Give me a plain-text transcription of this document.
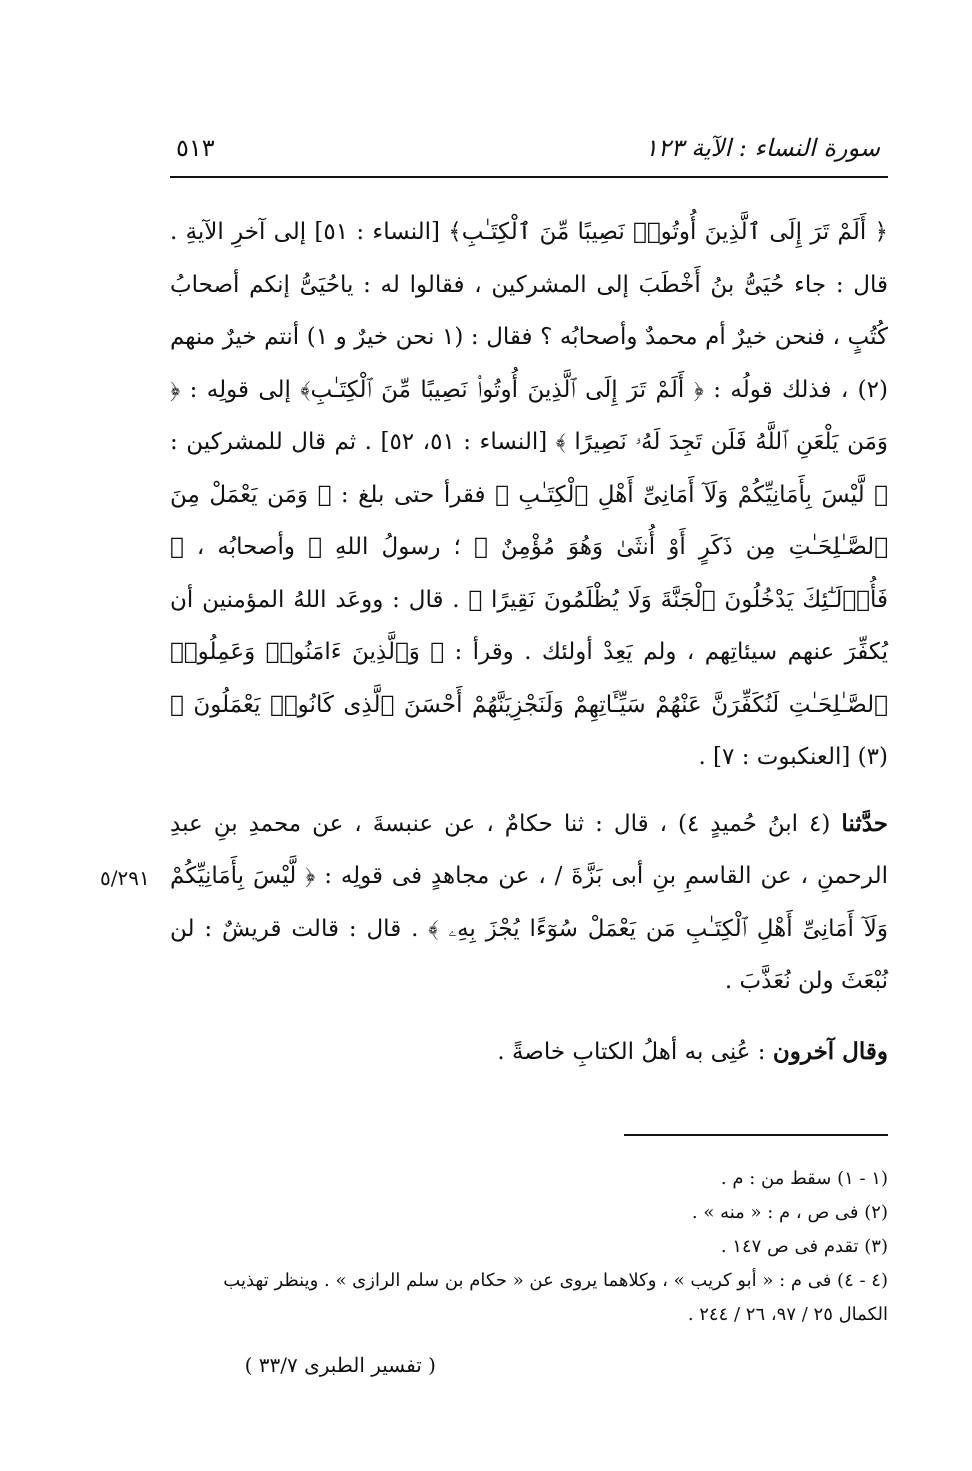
سورة النساء : الآية ١٢٣
٥١٣

﴿ أَلَمْ تَرَ إِلَى ٱلَّذِينَ أُوتُوا۟ نَصِيبًا مِّنَ ٱلْكِتَـٰبِ﴾ [النساء : ٥١] إلى آخرِ الآيةِ . قال : جاء حُيَىُّ بنُ أَخْطَبَ إلى المشركين ، فقالوا له : ياحُيَىُّ إنكم أصحابُ كُتُبٍ ، فنحن خيرٌ أم محمدٌ وأصحابُه ؟ فقال : (١ نحن خيرٌ و ١) أنتم خيرٌ منهم (٢) ، فذلك قولُه : ﴿ أَلَمْ تَرَ إِلَى ٱلَّذِينَ أُوتُوا۟ نَصِيبًا مِّنَ ٱلْكِتَـٰبِ﴾ إلى قولِه : ﴿ وَمَن يَلْعَنِ ٱللَّهُ فَلَن تَجِدَ لَهُۥ نَصِيرًا ﴾ [النساء : ٥١، ٥٢] . ثم قال للمشركين : ﴿ لَّيْسَ بِأَمَانِيِّكُمْ وَلَآ أَمَانِىِّ أَهْلِ ٱلْكِتَـٰبِ ﴾ فقرأ حتى بلغ : ﴿ وَمَن يَعْمَلْ مِنَ ٱلصَّـٰلِحَـٰتِ مِن ذَكَرٍ أَوْ أُنثَىٰ وَهُوَ مُؤْمِنٌ ﴾ ؛ رسولُ اللهِ ﷺ وأصحابُه ، ﴿ فَأُو۟لَـٰٓئِكَ يَدْخُلُونَ ٱلْجَنَّةَ وَلَا يُظْلَمُونَ نَقِيرًا ﴾ . قال : ووعَد اللهُ المؤمنين أن يُكفِّرَ عنهم سيئاتِهم ، ولم يَعِدْ أولئك . وقرأ : ﴿ وَٱلَّذِينَ ءَامَنُوا۟ وَعَمِلُوا۟ ٱلصَّـٰلِحَـٰتِ لَنُكَفِّرَنَّ عَنْهُمْ سَيِّـَٔاتِهِمْ وَلَنَجْزِيَنَّهُمْ أَحْسَنَ ٱلَّذِى كَانُوا۟ يَعْمَلُونَ ﴾ (٣) [العنكبوت : ٧] .

حدَّثنا (٤ ابنُ حُميدٍ ٤) ، قال : ثنا حكامٌ ، عن عنبسةَ ، عن محمدِ بنِ عبدِ الرحمنِ ، عن القاسمِ بنِ أبى بَزَّةَ / ، عن مجاهدٍ فى قولِه : ﴿ لَّيْسَ بِأَمَانِيِّكُمْ وَلَآ أَمَانِىِّ أَهْلِ ٱلْكِتَـٰبِ مَن يَعْمَلْ سُوٓءًا يُجْزَ بِهِۦ ﴾ . قال : قالت قريشٌ : لن نُبْعَثَ ولن نُعَذَّبَ .

وقال آخرون : عُنِى به أهلُ الكتابِ خاصةً .

٥/٢٩١

(١ - ١) سقط من : م .

(٢) فى ص ، م : « منه » .

(٣) تقدم فى ص ١٤٧ .

(٤ - ٤) فى م : « أبو كريب » ، وكلاهما يروى عن « حكام بن سلم الرازى » . وينظر تهذيب الكمال ٢٥ / ٩٧، ٢٦ / ٢٤٤ .

( تفسير الطبرى ٣٣/٧ )
